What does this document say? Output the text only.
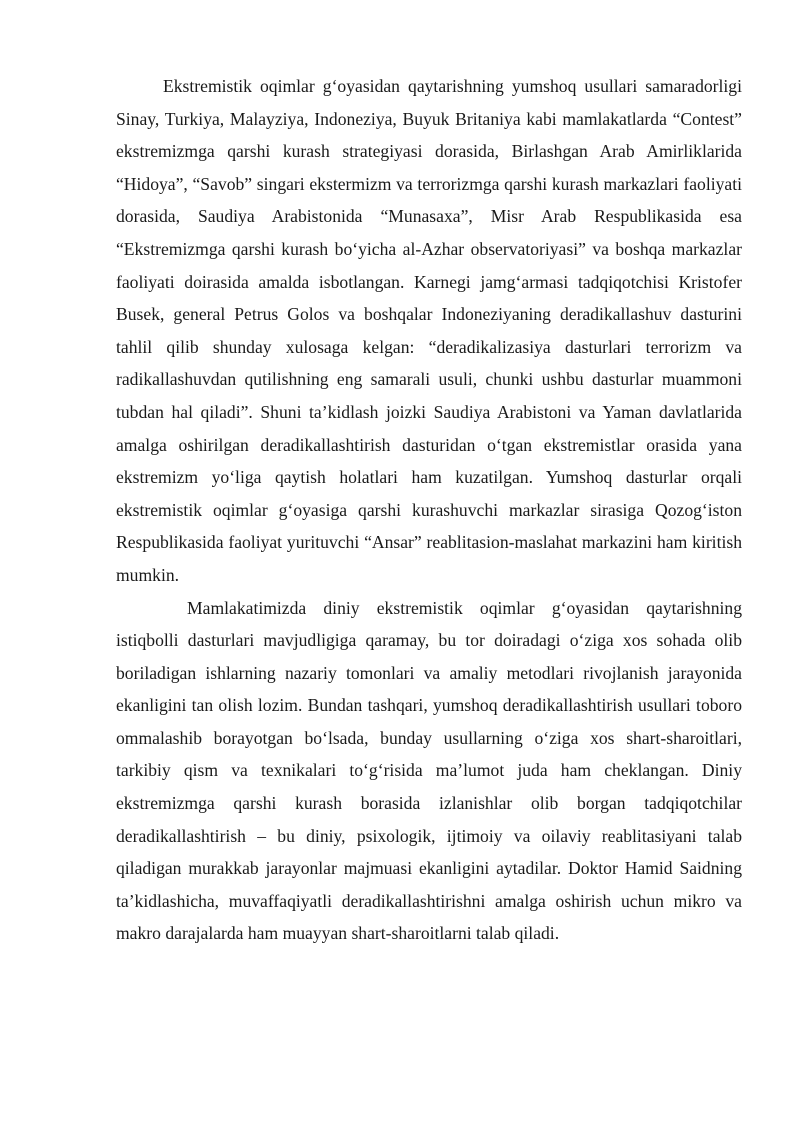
Ekstremistik oqimlar g‘oyasidan qaytarishning yumshoq usullari samaradorligi Sinay, Turkiya, Malayziya, Indoneziya, Buyuk Britaniya kabi mamlakatlarda “Contest” ekstremizmga qarshi kurash strategiyasi dorasida, Birlashgan Arab Amirliklarida “Hidoya”, “Savob” singari ekstermizm va terrorizmga qarshi kurash markazlari faoliyati dorasida, Saudiya Arabistonida “Munasaxa”, Misr Arab Respublikasida esa “Ekstremizmga qarshi kurash bo‘yicha al-Azhar observatoriyasi” va boshqa markazlar faoliyati doirasida amalda isbotlangan. Karnegi jamg‘armasi tadqiqotchisi Kristofer Busek, general Petrus Golos va boshqalar Indoneziyaning deradikallashuv dasturini tahlil qilib shunday xulosaga kelgan: “deradikalizasiya dasturlari terrorizm va radikallashuvdan qutilishning eng samarali usuli, chunki ushbu dasturlar muammoni tubdan hal qiladi”. Shuni ta’kidlash joizki Saudiya Arabistoni va Yaman davlatlarida amalga oshirilgan deradikallashtirish dasturidan o‘tgan ekstremistlar orasida yana ekstremizm yo‘liga qaytish holatlari ham kuzatilgan. Yumshoq dasturlar orqali ekstremistik oqimlar g‘oyasiga qarshi kurashuvchi markazlar sirasiga Qozog‘iston Respublikasida faoliyat yurituvchi “Ansar” reablitasion-maslahat markazini ham kiritish mumkin.

Mamlakatimizda diniy ekstremistik oqimlar g‘oyasidan qaytarishning istiqbolli dasturlari mavjudligiga qaramay, bu tor doiradagi o‘ziga xos sohada olib boriladigan ishlarning nazariy tomonlari va amaliy metodlari rivojlanish jarayonida ekanligini tan olish lozim. Bundan tashqari, yumshoq deradikallashtirish usullari toboro ommalashib borayotgan bo‘lsada, bunday usullarning o‘ziga xos shart-sharoitlari, tarkibiy qism va texnikalari to‘g‘risida ma’lumot juda ham cheklangan. Diniy ekstremizmga qarshi kurash borasida izlanishlar olib borgan tadqiqotchilar deradikallashtirish – bu diniy, psixologik, ijtimoiy va oilaviy reablitasiyani talab qiladigan murakkab jarayonlar majmuasi ekanligini aytadilar. Doktor Hamid Saidning ta’kidlashicha, muvaffaqiyatli deradikallashtirishni amalga oshirish uchun mikro va makro darajalarda ham muayyan shart-sharoitlarni talab qiladi.
